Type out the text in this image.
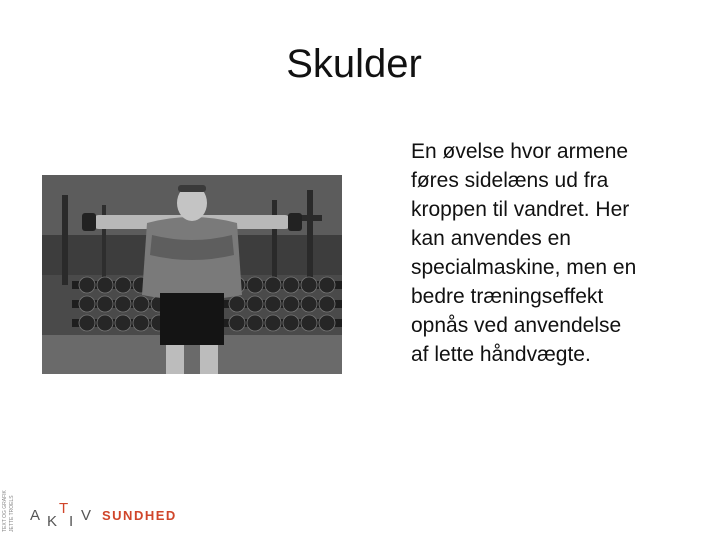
Skulder
En øvelse hvor armene
føres sidelæns ud fra
kroppen til vandret. Her
kan anvendes en
specialmaskine, men en
bedre træningseffekt
opnås ved anvendelse
af lette håndvægte.
TEXT OG GRAFIK JETTE TROELS A K
T
I V SUNDHED
